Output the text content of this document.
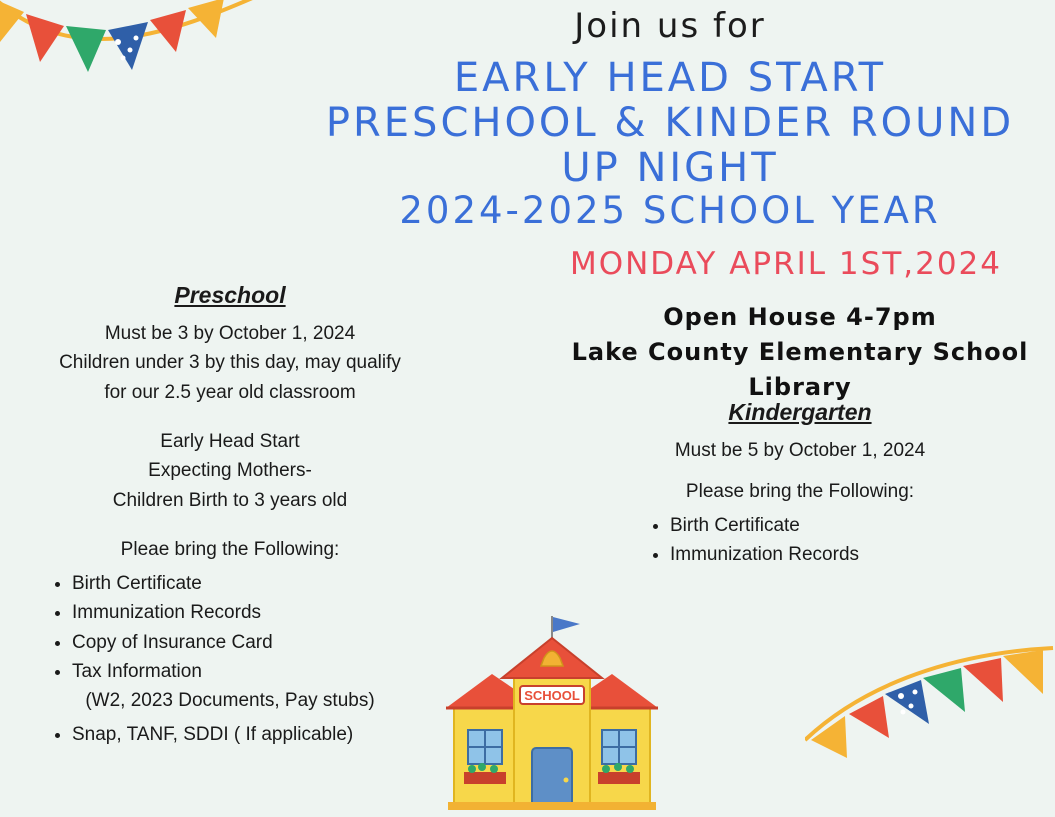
Join us for
EARLY HEAD START
PRESCHOOL & KINDER ROUND UP NIGHT
2024-2025 SCHOOL YEAR
MONDAY APRIL 1ST,2024
Open House 4-7pm
Lake County Elementary School Library
Preschool
Must be 3 by October 1, 2024
Children under 3 by this day, may qualify
for our 2.5 year old classroom
Early Head Start
Expecting Mothers-
Children Birth to 3 years old
Pleae bring the Following:
• Birth Certificate
• Immunization Records
• Copy of Insurance Card
• Tax Information
(W2, 2023 Documents, Pay stubs)
• Snap, TANF, SDDI ( If applicable)
Kindergarten
Must be 5 by October 1, 2024
Please bring the Following:
• Birth Certificate
• Immunization Records
SCHOOL
